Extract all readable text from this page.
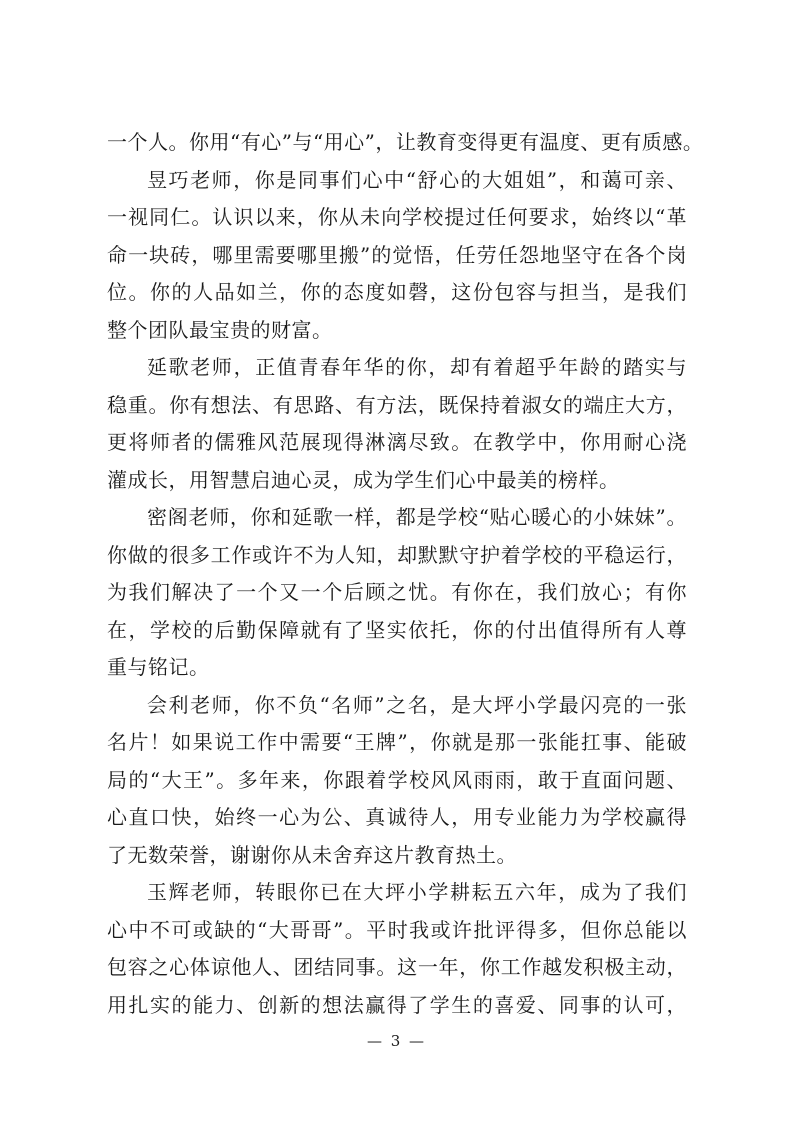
一个人。你用“有心”与“用心”，让教育变得更有温度、更有质感。
昱巧老师，你是同事们心中“舒心的大姐姐”，和蔼可亲、
一视同仁。认识以来，你从未向学校提过任何要求，始终以“革
命一块砖，哪里需要哪里搬”的觉悟，任劳任怨地坚守在各个岗
位。你的人品如兰，你的态度如磬，这份包容与担当，是我们
整个团队最宝贵的财富。
延歌老师，正值青春年华的你，却有着超乎年龄的踏实与
稳重。你有想法、有思路、有方法，既保持着淑女的端庄大方，
更将师者的儒雅风范展现得淋漓尽致。在教学中，你用耐心浇
灌成长，用智慧启迪心灵，成为学生们心中最美的榜样。
密阁老师，你和延歌一样，都是学校“贴心暖心的小妹妹”。
你做的很多工作或许不为人知，却默默守护着学校的平稳运行，
为我们解决了一个又一个后顾之忧。有你在，我们放心；有你
在，学校的后勤保障就有了坚实依托，你的付出值得所有人尊
重与铭记。
会利老师，你不负“名师”之名，是大坪小学最闪亮的一张
名片！如果说工作中需要“王牌”，你就是那一张能扛事、能破
局的“大王”。多年来，你跟着学校风风雨雨，敢于直面问题、
心直口快，始终一心为公、真诚待人，用专业能力为学校赢得
了无数荣誉，谢谢你从未舍弃这片教育热土。
玉辉老师，转眼你已在大坪小学耕耘五六年，成为了我们
心中不可或缺的“大哥哥”。平时我或许批评得多，但你总能以
包容之心体谅他人、团结同事。这一年，你工作越发积极主动，
用扎实的能力、创新的想法赢得了学生的喜爱、同事的认可，
— 3 —
